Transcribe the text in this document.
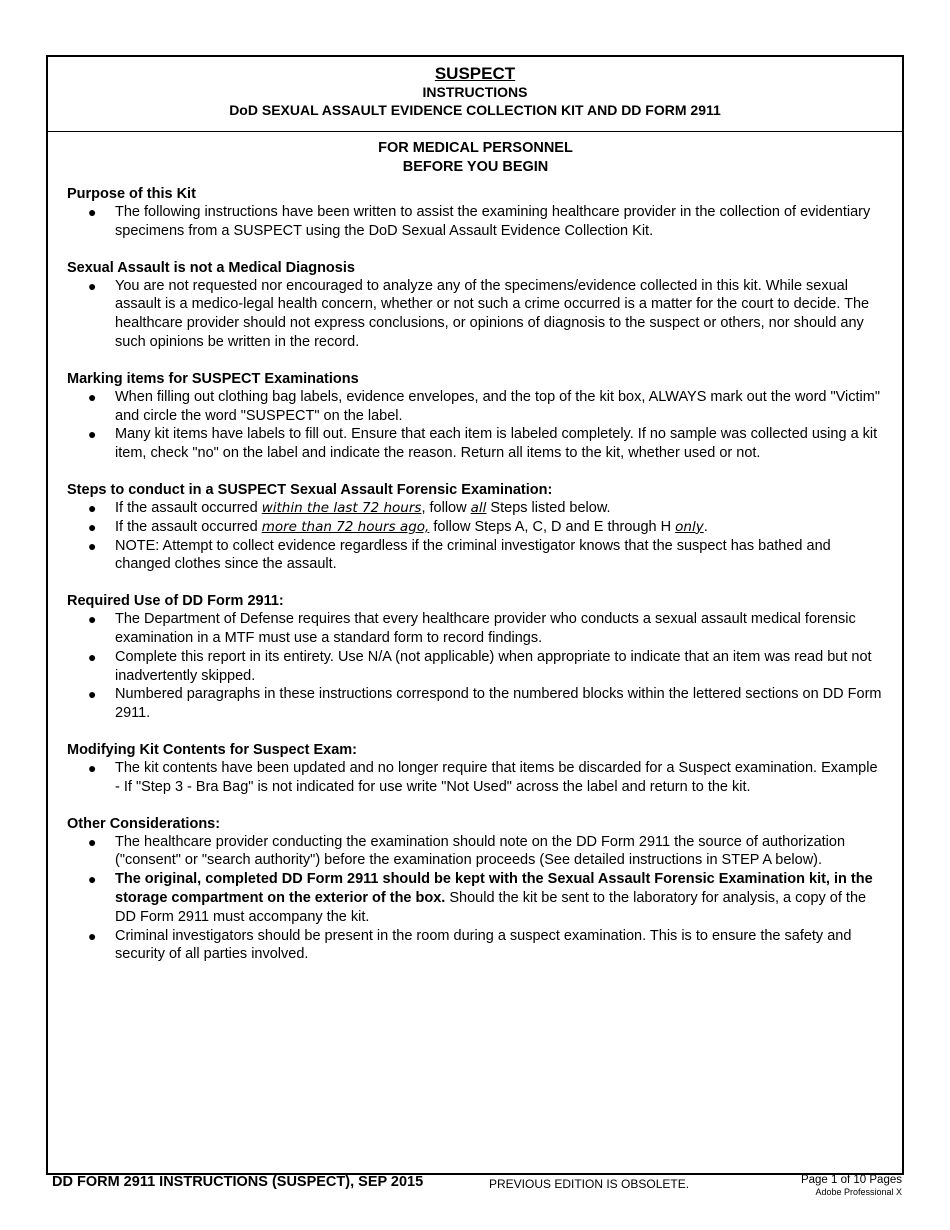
SUSPECT
INSTRUCTIONS
DoD SEXUAL ASSAULT EVIDENCE COLLECTION KIT AND DD FORM 2911
FOR MEDICAL PERSONNEL
BEFORE YOU BEGIN
Purpose of this Kit
● The following instructions have been written to assist the examining healthcare provider in the collection of evidentiary specimens from a SUSPECT using the DoD Sexual Assault Evidence Collection Kit.
Sexual Assault is not a Medical Diagnosis
● You are not requested nor encouraged to analyze any of the specimens/evidence collected in this kit. While sexual assault is a medico-legal health concern, whether or not such a crime occurred is a matter for the court to decide. The healthcare provider should not express conclusions, or opinions of diagnosis to the suspect or others, nor should any such opinions be written in the record.
Marking items for SUSPECT Examinations
● When filling out clothing bag labels, evidence envelopes, and the top of the kit box, ALWAYS mark out the word "Victim" and circle the word "SUSPECT" on the label.
● Many kit items have labels to fill out. Ensure that each item is labeled completely. If no sample was collected using a kit item, check "no" on the label and indicate the reason. Return all items to the kit, whether used or not.
Steps to conduct in a SUSPECT Sexual Assault Forensic Examination:
● If the assault occurred within the last 72 hours, follow all Steps listed below.
● If the assault occurred more than 72 hours ago, follow Steps A, C, D and E through H only.
● NOTE: Attempt to collect evidence regardless if the criminal investigator knows that the suspect has bathed and changed clothes since the assault.
Required Use of DD Form 2911:
● The Department of Defense requires that every healthcare provider who conducts a sexual assault medical forensic examination in a MTF must use a standard form to record findings.
● Complete this report in its entirety. Use N/A (not applicable) when appropriate to indicate that an item was read but not inadvertently skipped.
● Numbered paragraphs in these instructions correspond to the numbered blocks within the lettered sections on DD Form 2911.
Modifying Kit Contents for Suspect Exam:
● The kit contents have been updated and no longer require that items be discarded for a Suspect examination. Example - If "Step 3 - Bra Bag" is not indicated for use write "Not Used" across the label and return to the kit.
Other Considerations:
● The healthcare provider conducting the examination should note on the DD Form 2911 the source of authorization ("consent" or "search authority") before the examination proceeds (See detailed instructions in STEP A below).
● The original, completed DD Form 2911 should be kept with the Sexual Assault Forensic Examination kit, in the storage compartment on the exterior of the box. Should the kit be sent to the laboratory for analysis, a copy of the DD Form 2911 must accompany the kit.
● Criminal investigators should be present in the room during a suspect examination. This is to ensure the safety and security of all parties involved.
DD FORM 2911 INSTRUCTIONS (SUSPECT), SEP 2015	PREVIOUS EDITION IS OBSOLETE.	Page 1 of 10 Pages
Adobe Professional X
